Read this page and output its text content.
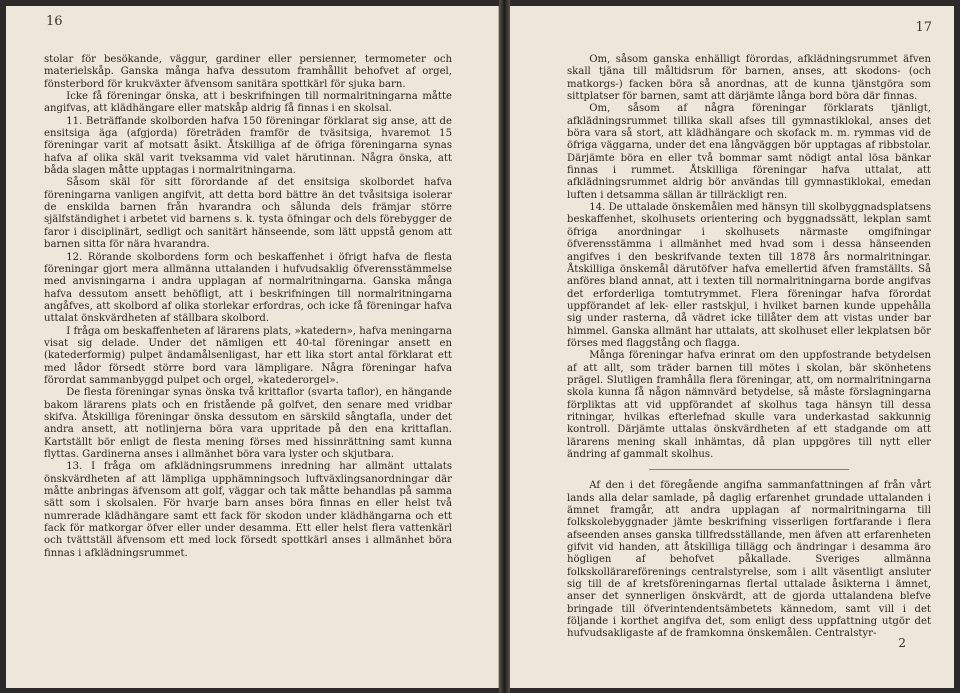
16

stolar för besökande, väggur, gardiner eller persienner, termometer och materielskåp. Ganska många hafva dessutom framhållit behofvet af orgel, fönsterbord för krukväxter äfvensom sanitära spottkärl för sjuka barn.

Icke få föreningar önska, att i beskrifningen till normalritningarna måtte angifvas, att klädhängare eller matskåp aldrig få finnas i en skolsal.

11. Beträffande skolborden hafva 150 föreningar förklarat sig anse, att de ensitsiga äga (afgjorda) företräden framför de tväsitsiga, hvaremot 15 föreningar varit af motsatt åsikt. Åtskilliga af de öfriga föreningarna synas hafva af olika skäl varit tveksamma vid valet härutinnan. Några önska, att båda slagen måtte upptagas i normalritningarna.

Såsom skäl för sitt förordande af det ensitsiga skolbordet hafva föreningarna vanligen angifvit, att detta bord bättre än det tvåsitsiga isolerar de enskilda barnen från hvarandra och sålunda dels främjar större själfständighet i arbetet vid barnens s. k. tysta öfningar och dels förebygger de faror i disciplinärt, sedligt och sanitärt hänseende, som lätt uppstå genom att barnen sitta för nära hvarandra.

12. Rörande skolbordens form och beskaffenhet i öfrigt hafva de flesta föreningar gjort mera allmänna uttalanden i hufvudsaklig öfverensstämmelse med anvisningarna i andra upplagan af normalritningarna. Ganska många hafva dessutom ansett behöfligt, att i beskrifningen till normalritningarna angåfves, att skolbord af olika storlekar erfordras, och icke få föreningar hafva uttalat önskvärdheten af ställbara skolbord.

I fråga om beskaffenheten af lärarens plats, »katedern», hafva meningarna visat sig delade. Under det nämligen ett 40-tal föreningar ansett en (katederformig) pulpet ändamålsenligast, har ett lika stort antal förklarat ett med lådor försedt större bord vara lämpligare. Några föreningar hafva förordat sammanbyggd pulpet och orgel, »katederorgel».

De flesta föreningar synas önska två krittaflor (svarta taflor), en hängande bakom lärarens plats och en fristående på golfvet, den senare med vridbar skifva. Åtskilliga föreningar önska dessutom en särskild sångtafla, under det andra ansett, att notlinjerna böra vara uppritade på den ena krittaflan. Kartställt bör enligt de flesta mening förses med hissinrättning samt kunna flyttas. Gardinerna anses i allmänhet böra vara lyster och skjutbara.

13. I fråga om afklädningsrummens inredning har allmänt uttalats önskvärdheten af att lämpliga upphämningsoch luftväxlingsanordningar där måtte anbringas äfvensom att golf, väggar och tak måtte behandlas på samma sätt som i skolsalen. För hvarje barn anses böra finnas en eller helst två numrerade klädhängare samt ett fack för skodon under klädhängarna och ett fack för matkorgar öfver eller under desamma. Ett eller helst flera vattenkärl och tvättställ äfvensom ett med lock försedt spottkärl anses i allmänhet böra finnas i afklädningsrummet.

17

Om, såsom ganska enhälligt förordas, afklädningsrummet äfven skall tjäna till måltidsrum för barnen, anses, att skodons- (och matkorgs-) facken böra så anordnas, att de kunna tjänstgöra som sittplatser för barnen, samt att därjämte långa bord böra där finnas.

Om, såsom af några föreningar förklarats tjänligt, afklädningsrummet tillika skall afses till gymnastiklokal, anses det böra vara så stort, att klädhängare och skofack m. m. rymmas vid de öfriga väggarna, under det ena långväggen bör upptagas af ribbstolar. Därjämte böra en eller två bommar samt nödigt antal lösa bänkar finnas i rummet. Åtskilliga föreningar hafva uttalat, att afklädningsrummet aldrig bör användas till gymnastiklokal, emedan luften i detsamma sällan är tillräckligt ren.

14. De uttalade önskemålen med hänsyn till skolbyggnadsplatsens beskaffenhet, skolhusets orientering och byggnadssätt, lekplan samt öfriga anordningar i skolhusets närmaste omgifningar öfverensstämma i allmänhet med hvad som i dessa hänseenden angifves i den beskrifvande texten till 1878 års normalritningar. Åtskilliga önskemål därutöfver hafva emellertid äfven framställts. Så anföres bland annat, att i texten till normalritningarna borde angifvas det erforderliga tomtutrymmet. Flera föreningar hafva förordat uppförandet af lek- eller rastskjul, i hvilket barnen kunde uppehålla sig under rasterna, då vädret icke tillåter dem att vistas under bar himmel. Ganska allmänt har uttalats, att skolhuset eller lekplatsen bör förses med flaggstång och flagga.

Många föreningar hafva erinrat om den uppfostrande betydelsen af att allt, som träder barnen till mötes i skolan, bär skönhetens prägel. Slutligen framhålla flera föreningar, att, om normalritningarna skola kunna få någon nämnvärd betydelse, så måste förslagningarna förpliktas att vid uppförandet af skolhus taga hänsyn till dessa ritningar, hvilkas efterlefnad skulle vara underkastad sakkunnig kontroll. Därjämte uttalas önskvärdheten af ett stadgande om att lärarens mening skall inhämtas, då plan uppgöres till nytt eller ändring af gammalt skolhus.

Af den i det föregående angifna sammanfattningen af från vårt lands alla delar samlade, på daglig erfarenhet grundade uttalanden i ämnet framgår, att andra upplagan af normalritningarna till folkskolebyggnader jämte beskrifning visserligen fortfarande i flera afseenden anses ganska tillfredsställande, men äfven att erfarenheten gifvit vid handen, att åtskilliga tillägg och ändringar i desamma äro högligen af behofvet påkallade. Sveriges allmänna folkskollärareförenings centralstyrelse, som i allt väsentligt ansluter sig till de af kretsföreningarnas flertal uttalade åsikterna i ämnet, anser det synnerligen önskvärdt, att de gjorda uttalandena blefve bringade till öfverintendentsämbetets kännedom, samt vill i det följande i korthet angifva det, som enligt dess uppfattning utgör det hufvudsakligaste af de framkomna önskemålen. Centralstyr-

2
